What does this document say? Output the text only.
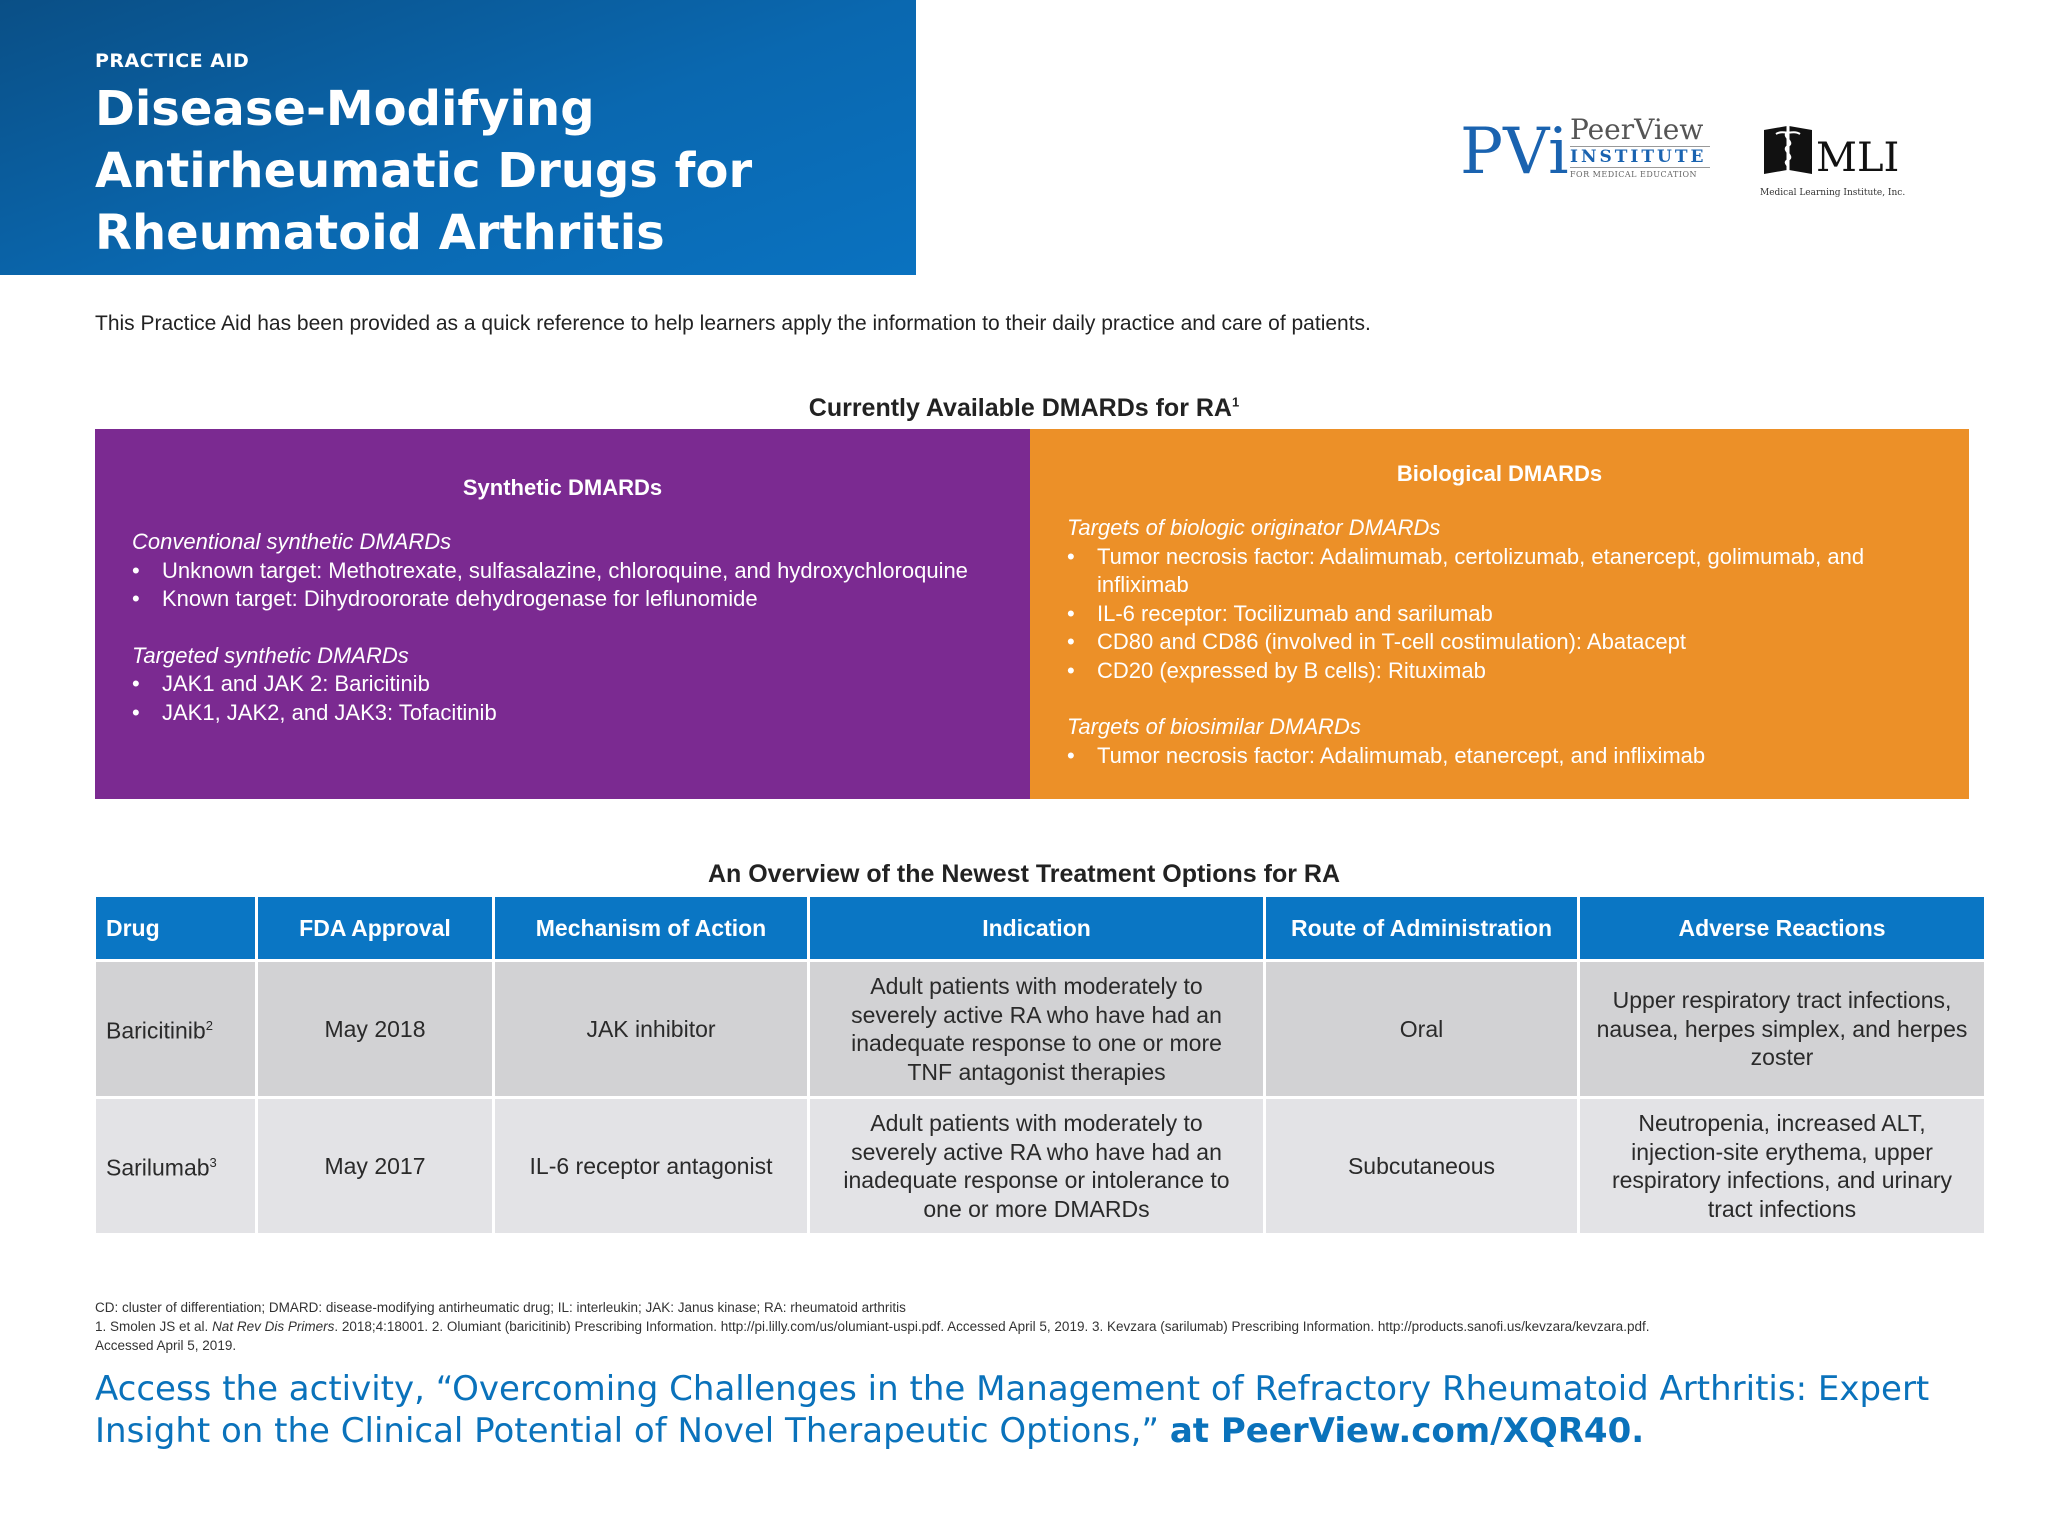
PRACTICE AID
Disease-Modifying Antirheumatic Drugs for Rheumatoid Arthritis
PVi PeerView
INSTITUTE
FOR MEDICAL EDUCATION	MLI
Medical Learning Institute, Inc.
This Practice Aid has been provided as a quick reference to help learners apply the information to their daily practice and care of patients.
Currently Available DMARDs for $RA^1$
Synthetic DMARDs
Conventional synthetic DMARDs
• Unknown target: Methotrexate, sulfasalazine, chloroquine, and hydroxychloroquine
• Known target: Dihydroororate dehydrogenase for leflunomide
Targeted synthetic DMARDs
• JAK1 and JAK 2: Baricitinib
• JAK1, JAK2, and JAK3: Tofacitinib
Biological DMARDs
Targets of biologic originator DMARDs
• Tumor necrosis factor: Adalimumab, certolizumab, etanercept, golimumab, and infliximab
• IL-6 receptor: Tocilizumab and sarilumab
• CD80 and CD86 (involved in T-cell costimulation): Abatacept
• CD20 (expressed by B cells): Rituximab
Targets of biosimilar DMARDs
• Tumor necrosis factor: Adalimumab, etanercept, and infliximab
An Overview of the Newest Treatment Options for RA
Drug	FDA Approval	Mechanism of Action	Indication	Route of Administration	Adverse Reactions
Baricitinib$^2$	May 2018	JAK inhibitor	Adult patients with moderately to severely active RA who have had an inadequate response to one or more TNF antagonist therapies	Oral	Upper respiratory tract infections, nausea, herpes simplex, and herpes zoster
Sarilumab$^3$	May 2017	IL-6 receptor antagonist	Adult patients with moderately to severely active RA who have had an inadequate response or intolerance to one or more DMARDs	Subcutaneous	Neutropenia, increased ALT, injection-site erythema, upper respiratory infections, and urinary tract infections
CD: cluster of differentiation; DMARD: disease-modifying antirheumatic drug; IL: interleukin; JAK: Janus kinase; RA: rheumatoid arthritis
1. Smolen JS et al. Nat Rev Dis Primers. 2018;4:18001. 2. Olumiant (baricitinib) Prescribing Information. http://pi.lilly.com/us/olumiant-uspi.pdf. Accessed April 5, 2019. 3. Kevzara (sarilumab) Prescribing Information. http://products.sanofi.us/kevzara/kevzara.pdf.
Accessed April 5, 2019.
Access the activity, “Overcoming Challenges in the Management of Refractory Rheumatoid Arthritis: Expert Insight on the Clinical Potential of Novel Therapeutic Options,” at PeerView.com/XQR40.
